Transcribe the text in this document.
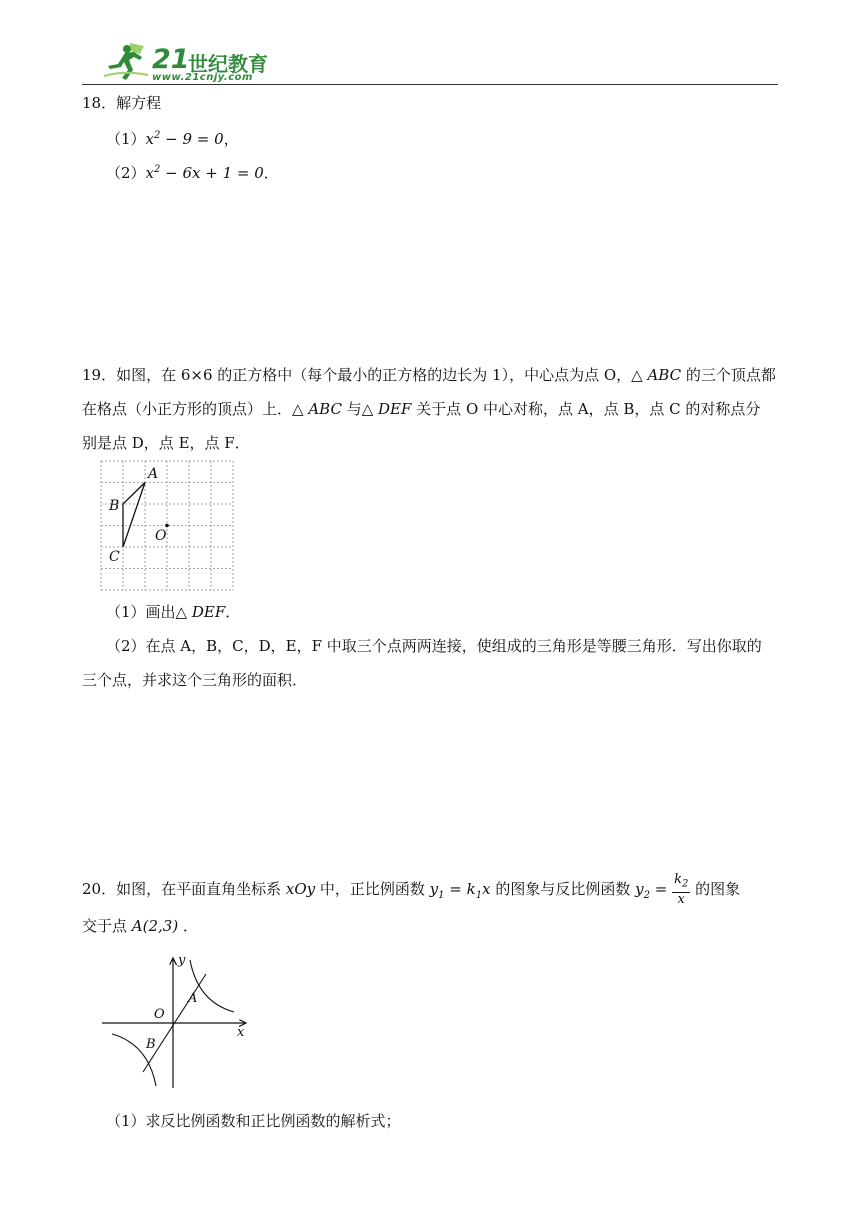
21
世纪教育
www.21cnjy.com
18．解方程
$(1)x^2 - 9 = 0$，
$(2)x^2 - 6x + 1 = 0$．
19．如图，在 6×6 的正方格中（每个最小的正方格的边长为 1），中心点为点 O，△ ABC 的三个顶点都
在格点（小正方形的顶点）上．△ ABC 与△ DEF 关于点 O 中心对称，点 A，点 B，点 C 的对称点分
别是点 D，点 E，点 F．
A
B
C
O
（1）画出△ DEF．
（2）在点 A，B，C，D，E，F 中取三个点两两连接，使组成的三角形是等腰三角形．写出你取的
三个点，并求这个三角形的面积．
20．如图，在平面直角坐标系 xOy 中，正比例函数 $y_1 = k_1x$ 的图象与反比例函数 $y_2 = \frac{k_2}{x}$ 的图象
交于点 A(2,3) ．
y
x
O
A
B
（1）求反比例函数和正比例函数的解析式；
